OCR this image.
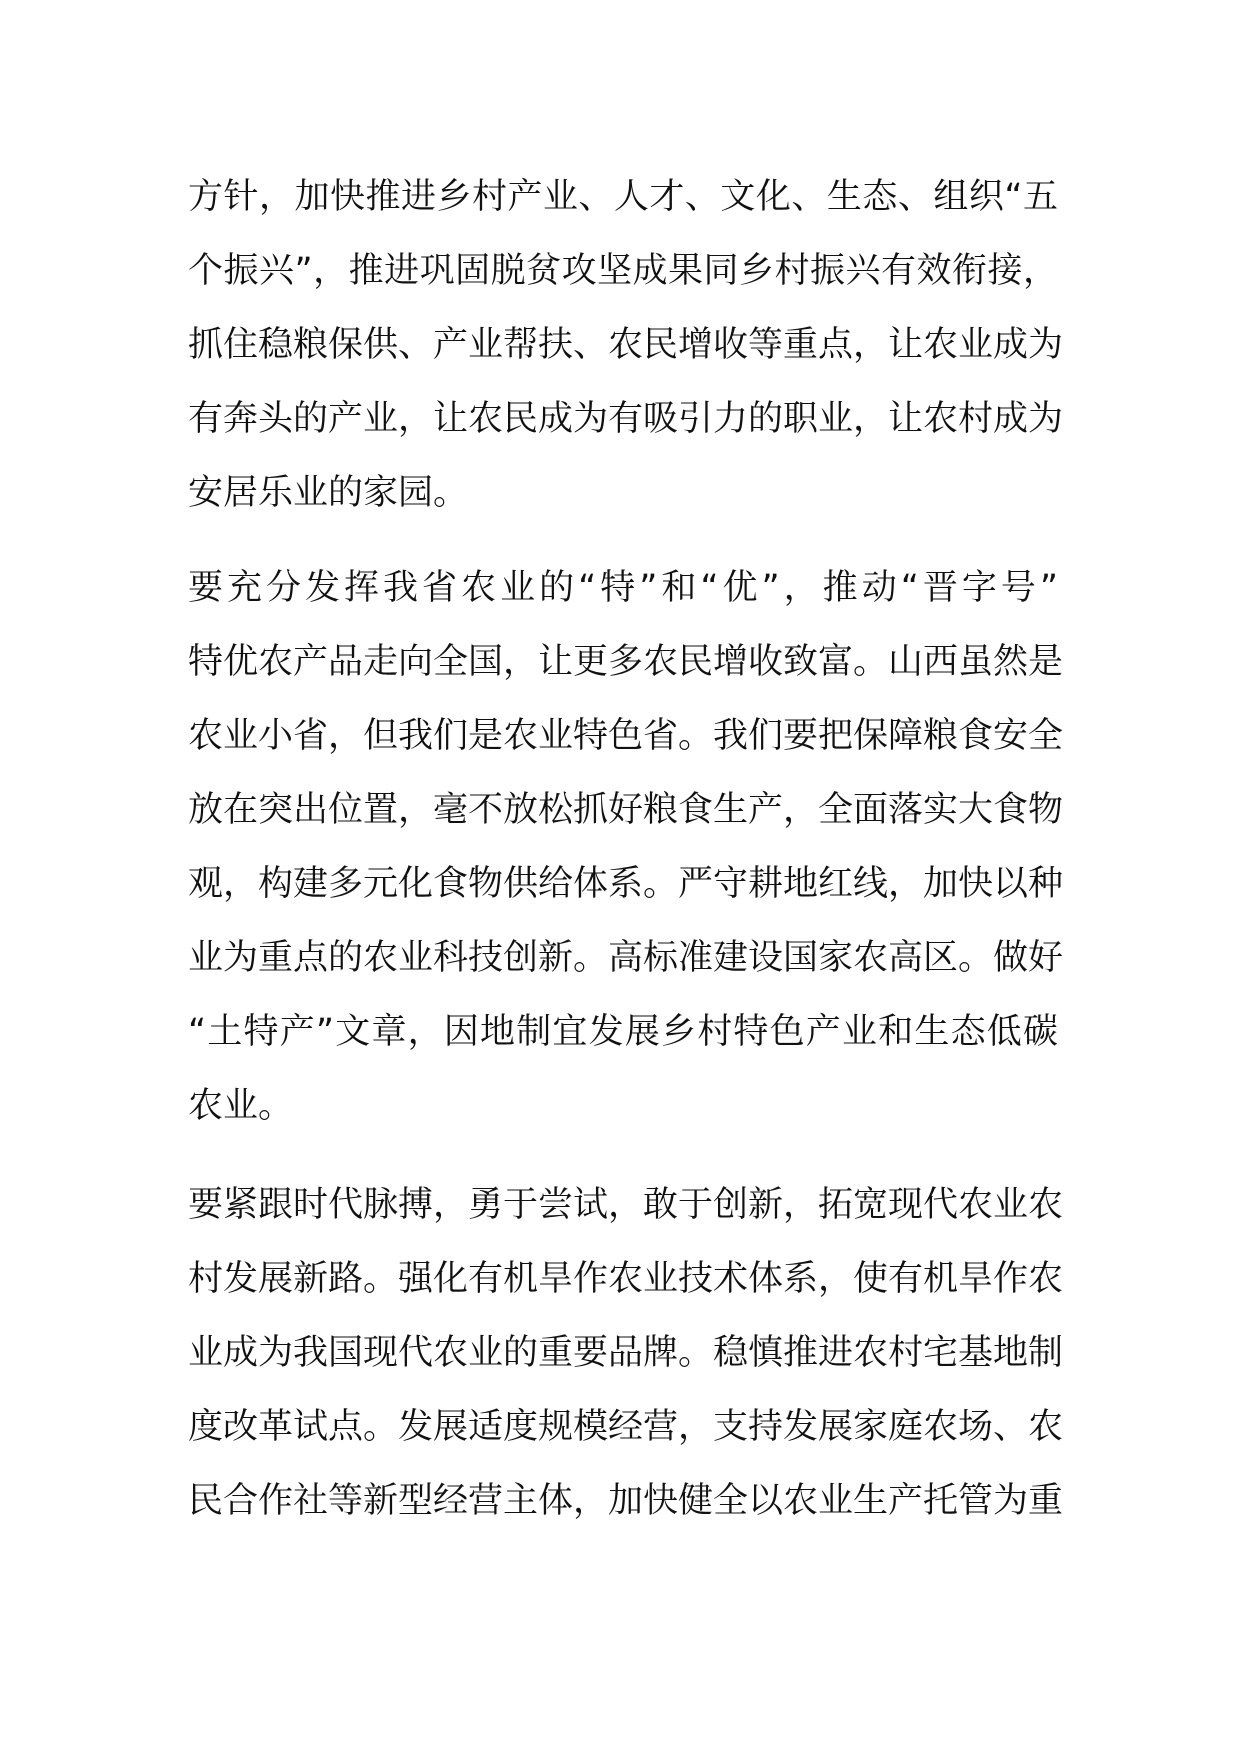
方针，加快推进乡村产业、人才、文化、生态、组织“五
个振兴”，推进巩固脱贫攻坚成果同乡村振兴有效衔接，
抓住稳粮保供、产业帮扶、农民增收等重点，让农业成为
有奔头的产业，让农民成为有吸引力的职业，让农村成为
安居乐业的家园。
要充分发挥我省农业的“特”和“优”，推动“晋字号”
特优农产品走向全国，让更多农民增收致富。山西虽然是
农业小省，但我们是农业特色省。我们要把保障粮食安全
放在突出位置，毫不放松抓好粮食生产，全面落实大食物
观，构建多元化食物供给体系。严守耕地红线，加快以种
业为重点的农业科技创新。高标准建设国家农高区。做好
“土特产”文章，因地制宜发展乡村特色产业和生态低碳
农业。
要紧跟时代脉搏，勇于尝试，敢于创新，拓宽现代农业农
村发展新路。强化有机旱作农业技术体系，使有机旱作农
业成为我国现代农业的重要品牌。稳慎推进农村宅基地制
度改革试点。发展适度规模经营，支持发展家庭农场、农
民合作社等新型经营主体，加快健全以农业生产托管为重
